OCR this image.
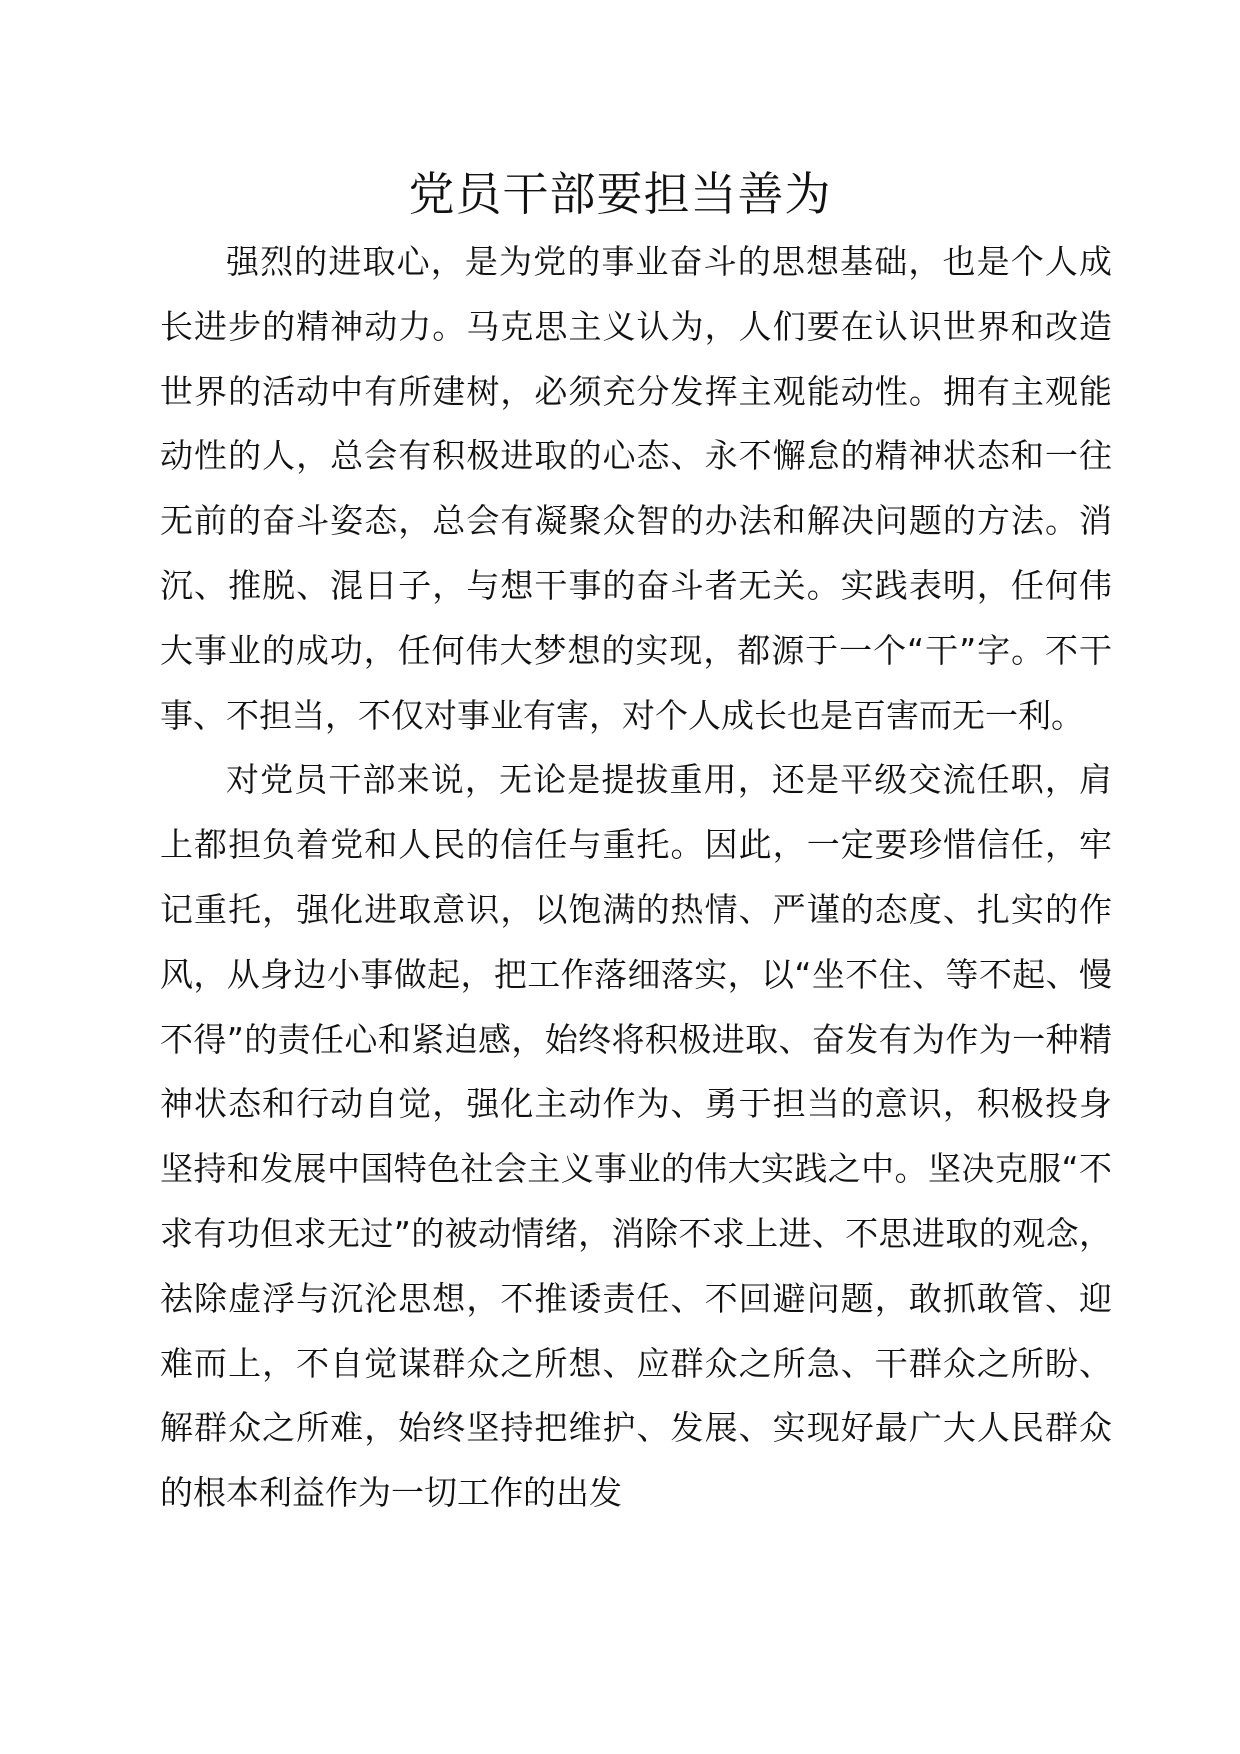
党员干部要担当善为

强烈的进取心，是为党的事业奋斗的思想基础，也是个人成长进步的精神动力。马克思主义认为，人们要在认识世界和改造世界的活动中有所建树，必须充分发挥主观能动性。拥有主观能动性的人，总会有积极进取的心态、永不懈怠的精神状态和一往无前的奋斗姿态，总会有凝聚众智的办法和解决问题的方法。消沉、推脱、混日子，与想干事的奋斗者无关。实践表明，任何伟大事业的成功，任何伟大梦想的实现，都源于一个“干”字。不干事、不担当，不仅对事业有害，对个人成长也是百害而无一利。

对党员干部来说，无论是提拔重用，还是平级交流任职，肩上都担负着党和人民的信任与重托。因此，一定要珍惜信任，牢记重托，强化进取意识，以饱满的热情、严谨的态度、扎实的作风，从身边小事做起，把工作落细落实，以“坐不住、等不起、慢不得”的责任心和紧迫感，始终将积极进取、奋发有为作为一种精神状态和行动自觉，强化主动作为、勇于担当的意识，积极投身坚持和发展中国特色社会主义事业的伟大实践之中。坚决克服“不求有功但求无过”的被动情绪，消除不求上进、不思进取的观念，祛除虚浮与沉沦思想，不推诿责任、不回避问题，敢抓敢管、迎难而上，不自觉谋群众之所想、应群众之所急、干群众之所盼、解群众之所难，始终坚持把维护、发展、实现好最广大人民群众的根本利益作为一切工作的出发
